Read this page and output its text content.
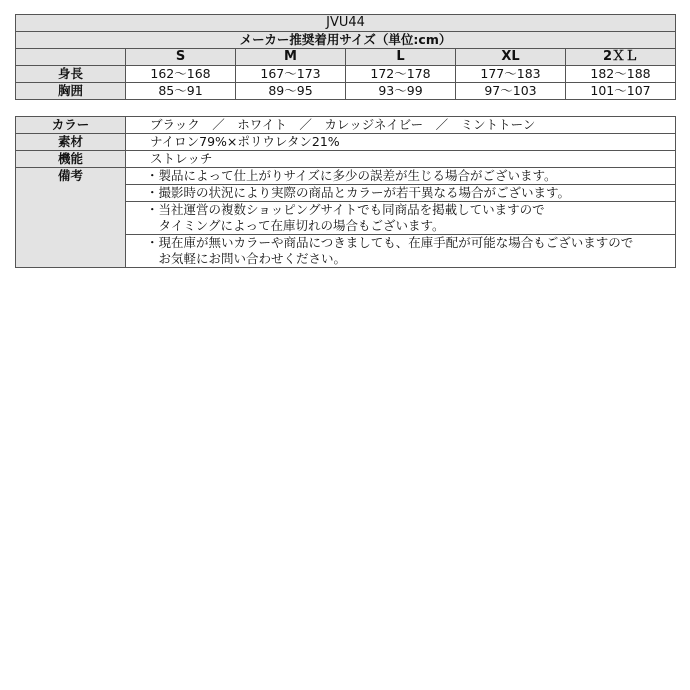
JVU44					
メーカー推奨着用サイズ（単位:cm）					
	S	M	L	XL	2ＸＬ
身長	162〜168	167〜173	172〜178	177〜183	182〜188
胸囲	85〜91	89〜95	93〜99	97〜103	101〜107
カラー	ブラック　／　ホワイト　／　カレッジネイビー　／　ミントトーン
素材	ナイロン79%×ポリウレタン21%
機能	ストレッチ
備考	・製品によって仕上がりサイズに多少の誤差が生じる場合がございます。

	・撮影時の状況により実際の商品とカラーが若干異なる場合がございます。

	・当社運営の複数ショッピングサイトでも同商品を掲載していますので
　タイミングによって在庫切れの場合もございます。

	・現在庫が無いカラーや商品につきましても、在庫手配が可能な場合もございますので
　お気軽にお問い合わせください。
